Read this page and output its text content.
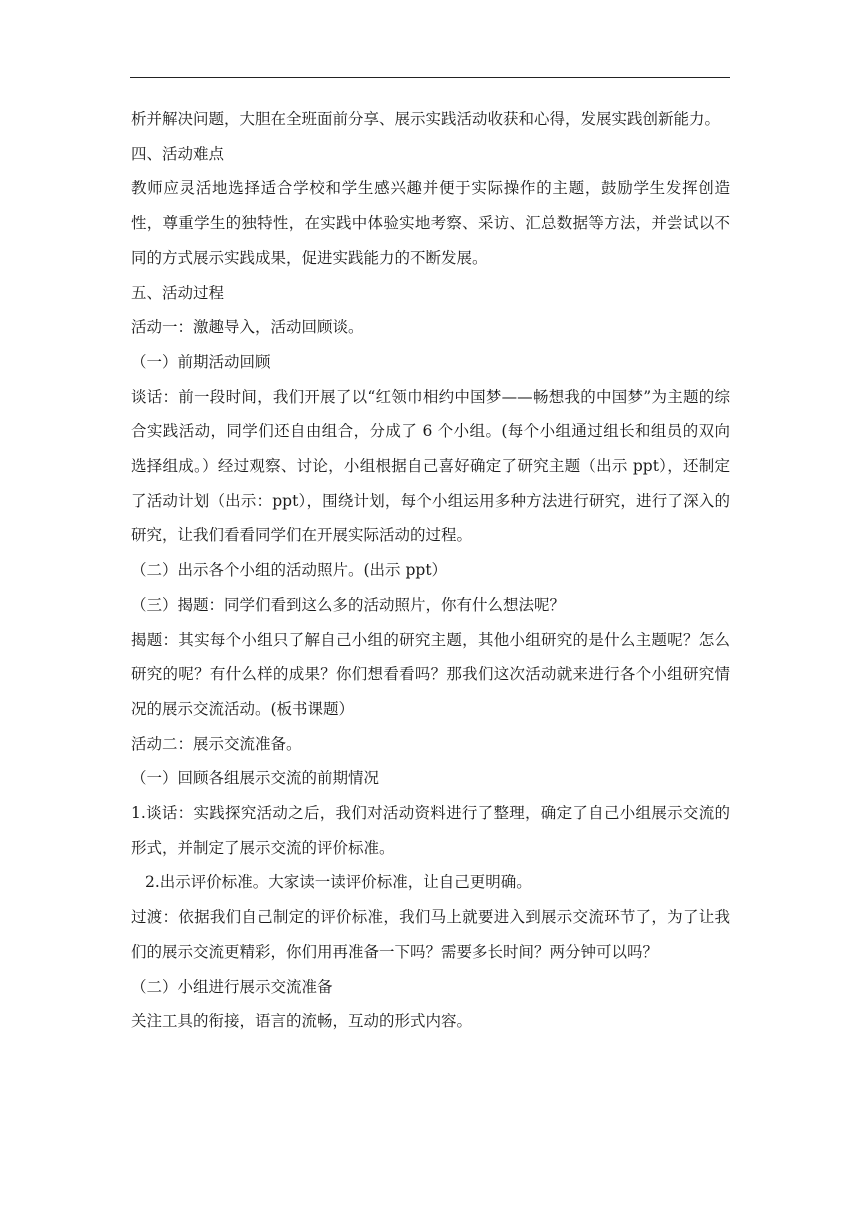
析并解决问题，大胆在全班面前分享、展示实践活动收获和心得，发展实践创新能力。

四、活动难点

教师应灵活地选择适合学校和学生感兴趣并便于实际操作的主题，鼓励学生发挥创造性，尊重学生的独特性，在实践中体验实地考察、采访、汇总数据等方法，并尝试以不同的方式展示实践成果，促进实践能力的不断发展。

五、活动过程

活动一：激趣导入，活动回顾谈。

（一）前期活动回顾

谈话：前一段时间，我们开展了以“红领巾相约中国梦——畅想我的中国梦”为主题的综合实践活动，同学们还自由组合，分成了 6 个小组。(每个小组通过组长和组员的双向选择组成。）经过观察、讨论，小组根据自己喜好确定了研究主题（出示 ppt），还制定了活动计划（出示：ppt），围绕计划，每个小组运用多种方法进行研究，进行了深入的研究，让我们看看同学们在开展实际活动的过程。

（二）出示各个小组的活动照片。(出示 ppt）

（三）揭题：同学们看到这么多的活动照片，你有什么想法呢？

揭题：其实每个小组只了解自己小组的研究主题，其他小组研究的是什么主题呢？怎么研究的呢？有什么样的成果？你们想看看吗？那我们这次活动就来进行各个小组研究情况的展示交流活动。(板书课题）

活动二：展示交流准备。

（一）回顾各组展示交流的前期情况

1.谈话：实践探究活动之后，我们对活动资料进行了整理，确定了自己小组展示交流的形式，并制定了展示交流的评价标准。

2.出示评价标准。大家读一读评价标准，让自己更明确。

过渡：依据我们自己制定的评价标准，我们马上就要进入到展示交流环节了，为了让我们的展示交流更精彩，你们用再准备一下吗？需要多长时间？两分钟可以吗？

（二）小组进行展示交流准备

关注工具的衔接，语言的流畅，互动的形式内容。
